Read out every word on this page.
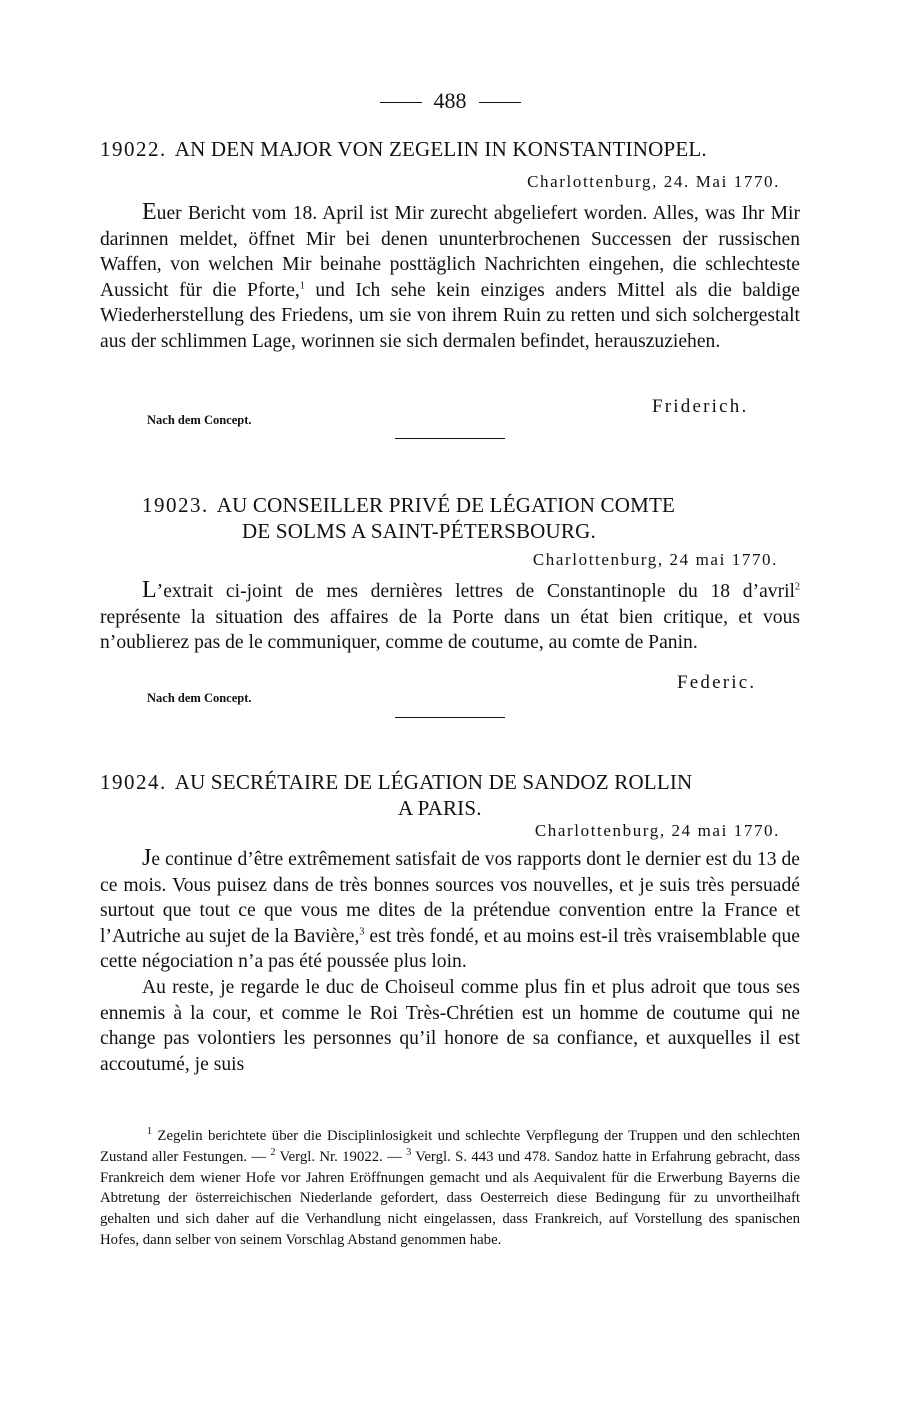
488
19022. AN DEN MAJOR VON ZEGELIN IN KONSTANTINOPEL.
Charlottenburg, 24. Mai 1770.

Euer Bericht vom 18. April ist Mir zurecht abgeliefert worden. Alles, was Ihr Mir darinnen meldet, öffnet Mir bei denen ununterbrochenen Successen der russischen Waffen, von welchen Mir beinahe posttäglich Nachrichten eingehen, die schlechteste Aussicht für die Pforte,$^1$ und Ich sehe kein einziges anders Mittel als die baldige Wiederherstellung des Friedens, um sie von ihrem Ruin zu retten und sich solchergestalt aus der schlimmen Lage, worinnen sie sich dermalen befindet, herauszuziehen.

Friderich.
Nach dem Concept.
19023. AU CONSEILLER PRIVÉ DE LÉGATION COMTE
DE SOLMS A SAINT-PÉTERSBOURG.
Charlottenburg, 24 mai 1770.

L’extrait ci-joint de mes dernières lettres de Constantinople du 18 d’avril$^2$ représente la situation des affaires de la Porte dans un état bien critique, et vous n’oublierez pas de le communiquer, comme de coutume, au comte de Panin.

Federic.
Nach dem Concept.
19024. AU SECRÉTAIRE DE LÉGATION DE SANDOZ ROLLIN
A PARIS.
Charlottenburg, 24 mai 1770.

Je continue d’être extrêmement satisfait de vos rapports dont le dernier est du 13 de ce mois. Vous puisez dans de très bonnes sources vos nouvelles, et je suis très persuadé surtout que tout ce que vous me dites de la prétendue convention entre la France et l’Autriche au sujet de la Bavière,$^3$ est très fondé, et au moins est-il très vraisemblable que cette négociation n’a pas été poussée plus loin.

Au reste, je regarde le duc de Choiseul comme plus fin et plus adroit que tous ses ennemis à la cour, et comme le Roi Très-Chrétien est un homme de coutume qui ne change pas volontiers les personnes qu’il honore de sa confiance, et auxquelles il est accoutumé, je suis

$^1$ Zegelin berichtete über die Disciplinlosigkeit und schlechte Verpflegung der Truppen und den schlechten Zustand aller Festungen. — $^2$ Vergl. Nr. 19022. — $^3$ Vergl. S. 443 und 478. Sandoz hatte in Erfahrung gebracht, dass Frankreich dem wiener Hofe vor Jahren Eröffnungen gemacht und als Aequivalent für die Erwerbung Bayerns die Abtretung der österreichischen Niederlande gefordert, dass Oesterreich diese Bedingung für zu unvortheilhaft gehalten und sich daher auf die Verhandlung nicht eingelassen, dass Frankreich, auf Vorstellung des spanischen Hofes, dann selber von seinem Vorschlag Abstand genommen habe.
